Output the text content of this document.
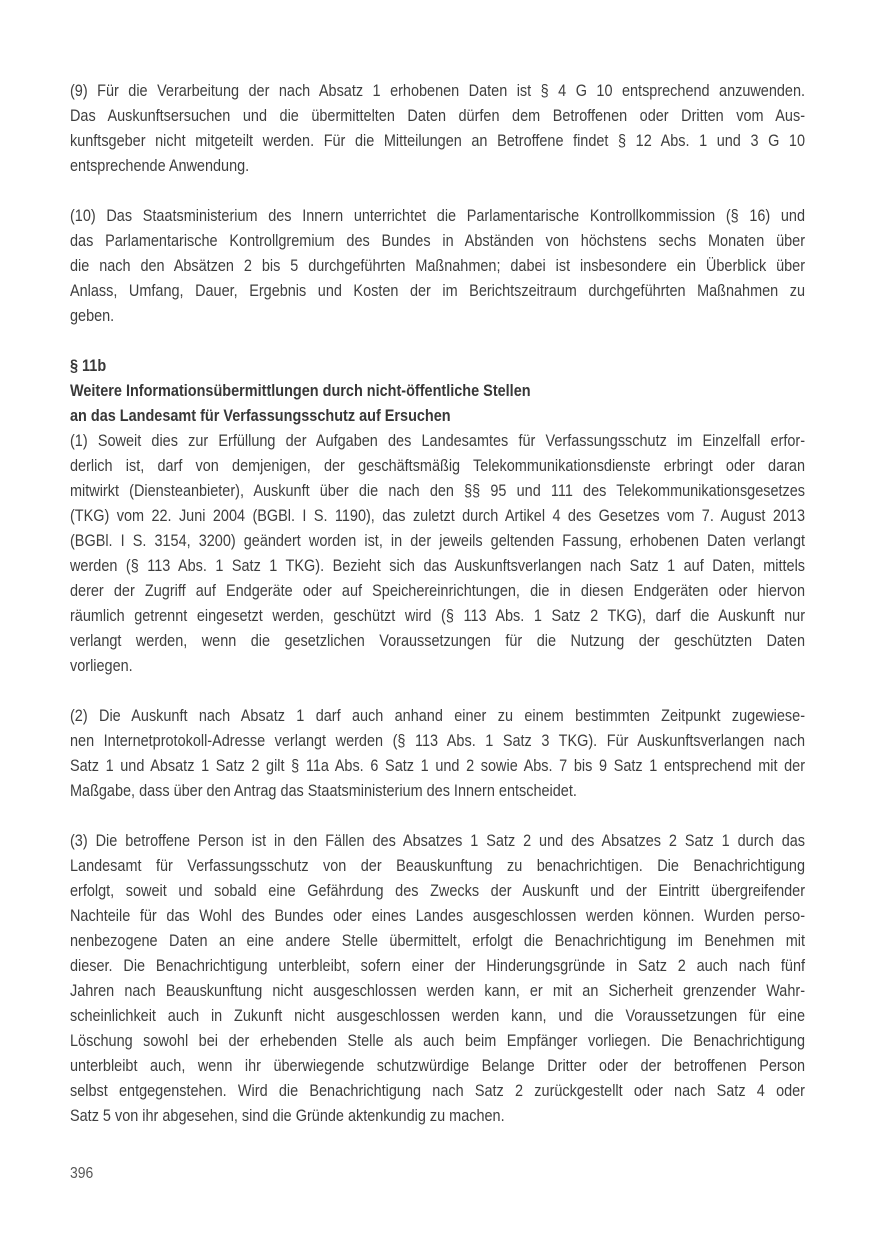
(9) Für die Verarbeitung der nach Absatz 1 erhobenen Daten ist § 4 G 10 entsprechend anzuwenden.
Das Auskunftsersuchen und die übermittelten Daten dürfen dem Betroffenen oder Dritten vom Aus-
kunftsgeber nicht mitgeteilt werden. Für die Mitteilungen an Betroffene findet § 12 Abs. 1 und 3 G 10
entsprechende Anwendung.
(10) Das Staatsministerium des Innern unterrichtet die Parlamentarische Kontrollkommission (§ 16) und
das Parlamentarische Kontrollgremium des Bundes in Abständen von höchstens sechs Monaten über
die nach den Absätzen 2 bis 5 durchgeführten Maßnahmen; dabei ist insbesondere ein Überblick über
Anlass, Umfang, Dauer, Ergebnis und Kosten der im Berichtszeitraum durchgeführten Maßnahmen zu
geben.
§ 11b
Weitere Informationsübermittlungen durch nicht-öffentliche Stellen
an das Landesamt für Verfassungsschutz auf Ersuchen
(1) Soweit dies zur Erfüllung der Aufgaben des Landesamtes für Verfassungsschutz im Einzelfall erfor-
derlich ist, darf von demjenigen, der geschäftsmäßig Telekommunikationsdienste erbringt oder daran
mitwirkt (Diensteanbieter), Auskunft über die nach den §§ 95 und 111 des Telekommunikationsgesetzes
(TKG) vom 22. Juni 2004 (BGBl. I S. 1190), das zuletzt durch Artikel 4 des Gesetzes vom 7. August 2013
(BGBl. I S. 3154, 3200) geändert worden ist, in der jeweils geltenden Fassung, erhobenen Daten verlangt
werden (§ 113 Abs. 1 Satz 1 TKG). Bezieht sich das Auskunftsverlangen nach Satz 1 auf Daten, mittels
derer der Zugriff auf Endgeräte oder auf Speichereinrichtungen, die in diesen Endgeräten oder hiervon
räumlich getrennt eingesetzt werden, geschützt wird (§ 113 Abs. 1 Satz 2 TKG), darf die Auskunft nur
verlangt werden, wenn die gesetzlichen Voraussetzungen für die Nutzung der geschützten Daten
vorliegen.
(2) Die Auskunft nach Absatz 1 darf auch anhand einer zu einem bestimmten Zeitpunkt zugewiese-
nen Internetprotokoll-Adresse verlangt werden (§ 113 Abs. 1 Satz 3 TKG). Für Auskunftsverlangen nach
Satz 1 und Absatz 1 Satz 2 gilt § 11a Abs. 6 Satz 1 und 2 sowie Abs. 7 bis 9 Satz 1 entsprechend mit der
Maßgabe, dass über den Antrag das Staatsministerium des Innern entscheidet.
(3) Die betroffene Person ist in den Fällen des Absatzes 1 Satz 2 und des Absatzes 2 Satz 1 durch das
Landesamt für Verfassungsschutz von der Beauskunftung zu benachrichtigen. Die Benachrichtigung
erfolgt, soweit und sobald eine Gefährdung des Zwecks der Auskunft und der Eintritt übergreifender
Nachteile für das Wohl des Bundes oder eines Landes ausgeschlossen werden können. Wurden perso-
nenbezogene Daten an eine andere Stelle übermittelt, erfolgt die Benachrichtigung im Benehmen mit
dieser. Die Benachrichtigung unterbleibt, sofern einer der Hinderungsgründe in Satz 2 auch nach fünf
Jahren nach Beauskunftung nicht ausgeschlossen werden kann, er mit an Sicherheit grenzender Wahr-
scheinlichkeit auch in Zukunft nicht ausgeschlossen werden kann, und die Voraussetzungen für eine
Löschung sowohl bei der erhebenden Stelle als auch beim Empfänger vorliegen. Die Benachrichtigung
unterbleibt auch, wenn ihr überwiegende schutzwürdige Belange Dritter oder der betroffenen Person
selbst entgegenstehen. Wird die Benachrichtigung nach Satz 2 zurückgestellt oder nach Satz 4 oder
Satz 5 von ihr abgesehen, sind die Gründe aktenkundig zu machen.
396
